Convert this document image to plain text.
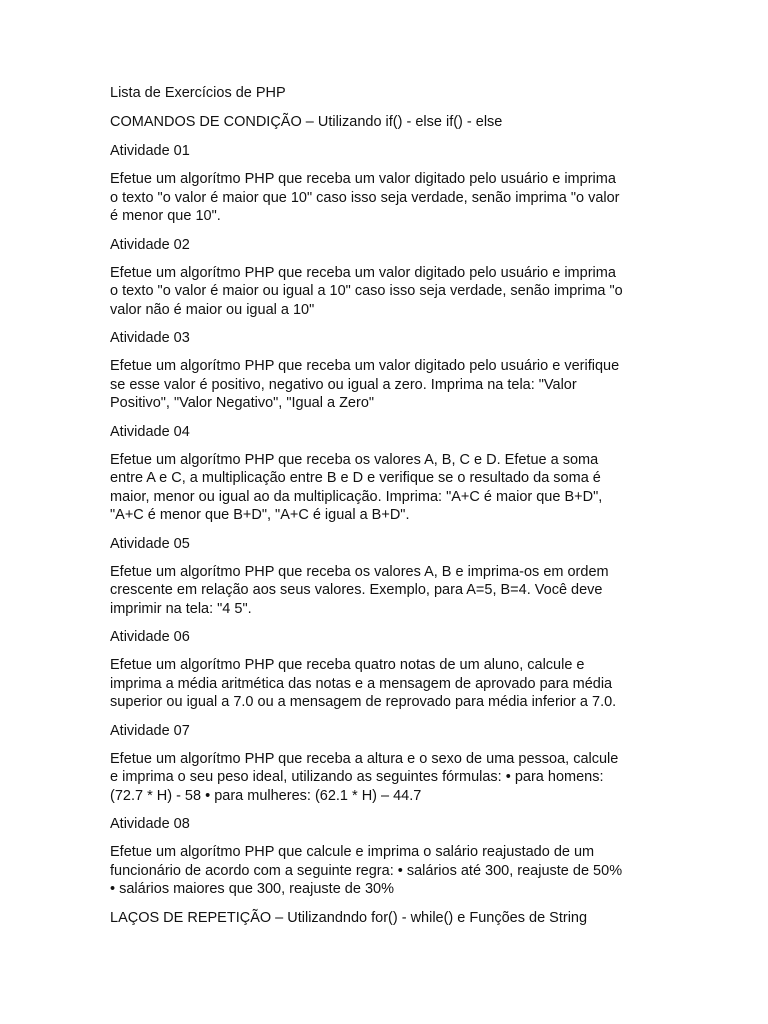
Lista de Exercícios de PHP

COMANDOS DE CONDIÇÃO – Utilizando if() - else if() - else

Atividade 01

Efetue um algorítmo PHP que receba um valor digitado pelo usuário e imprima
o texto "o valor é maior que 10" caso isso seja verdade, senão imprima "o valor
é menor que 10".

Atividade 02

Efetue um algorítmo PHP que receba um valor digitado pelo usuário e imprima
o texto "o valor é maior ou igual a 10" caso isso seja verdade, senão imprima "o
valor não é maior ou igual a 10"

Atividade 03

Efetue um algorítmo PHP que receba um valor digitado pelo usuário e verifique
se esse valor é positivo, negativo ou igual a zero. Imprima na tela: "Valor
Positivo", "Valor Negativo", "Igual a Zero"

Atividade 04

Efetue um algorítmo PHP que receba os valores A, B, C e D. Efetue a soma
entre A e C, a multiplicação entre B e D e verifique se o resultado da soma é
maior, menor ou igual ao da multiplicação. Imprima: "A+C é maior que B+D",
"A+C é menor que B+D", "A+C é igual a B+D".

Atividade 05

Efetue um algorítmo PHP que receba os valores A, B e imprima-os em ordem
crescente em relação aos seus valores. Exemplo, para A=5, B=4. Você deve
imprimir na tela: "4 5".

Atividade 06

Efetue um algorítmo PHP que receba quatro notas de um aluno, calcule e
imprima a média aritmética das notas e a mensagem de aprovado para média
superior ou igual a 7.0 ou a mensagem de reprovado para média inferior a 7.0.

Atividade 07

Efetue um algorítmo PHP que receba a altura e o sexo de uma pessoa, calcule
e imprima o seu peso ideal, utilizando as seguintes fórmulas: • para homens:
(72.7 * H) - 58 • para mulheres: (62.1 * H) – 44.7

Atividade 08

Efetue um algorítmo PHP que calcule e imprima o salário reajustado de um
funcionário de acordo com a seguinte regra: • salários até 300, reajuste de 50%
• salários maiores que 300, reajuste de 30%

LAÇOS DE REPETIÇÃO – Utilizandndo for() - while() e Funções de String
